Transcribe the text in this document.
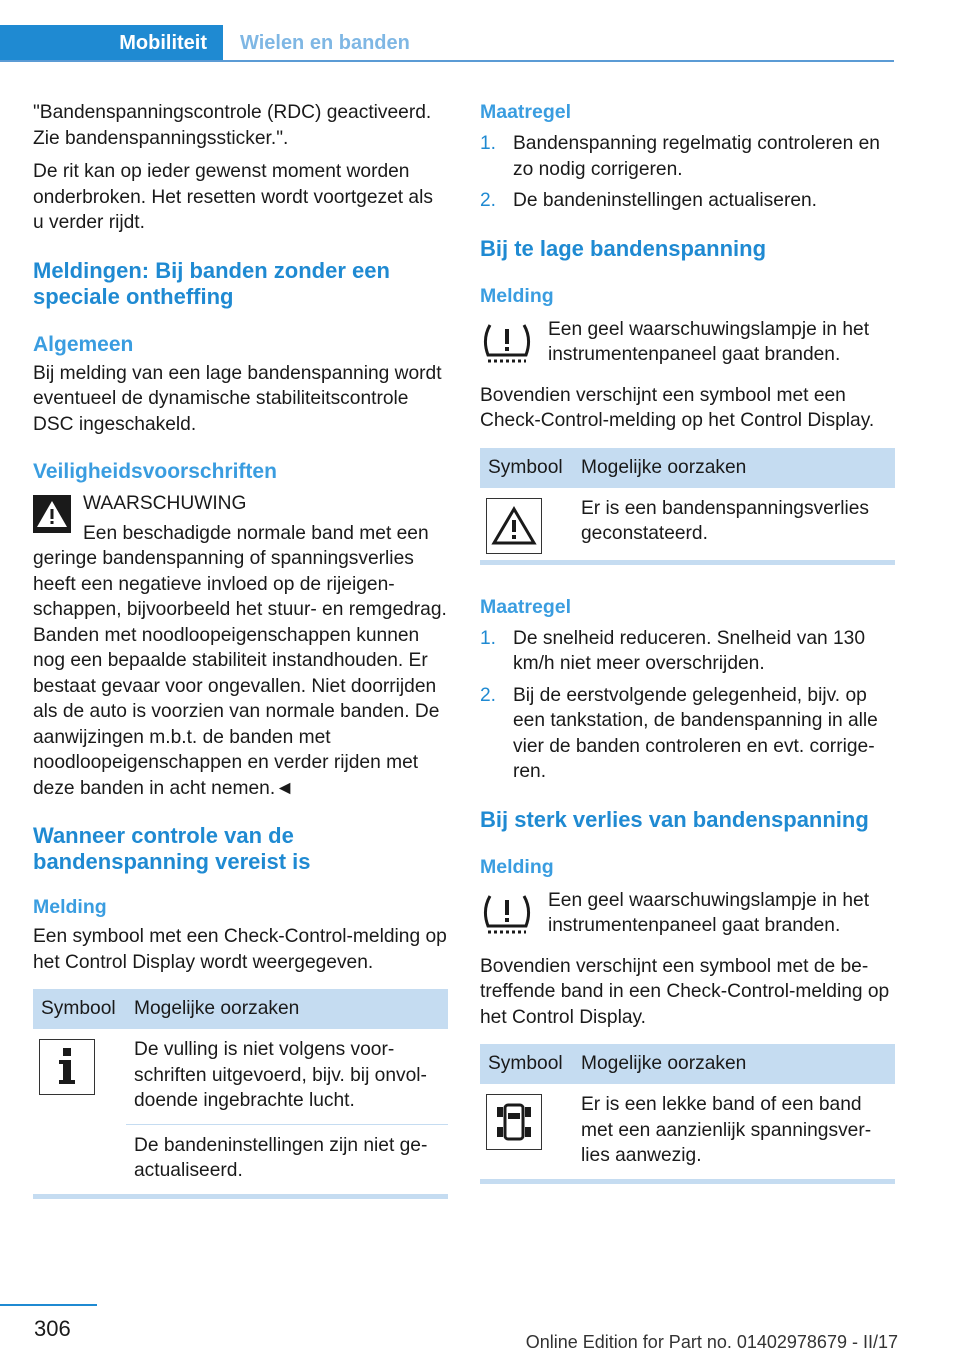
Mobiliteit	Wielen en banden

"Bandenspanningscontrole (RDC) geactiveerd. Zie bandenspanningssticker.".

De rit kan op ieder gewenst moment worden onderbroken. Het resetten wordt voortgezet als u verder rijdt.

Meldingen: Bij banden zonder een speciale ontheffing
Algemeen

Bij melding van een lage bandenspanning wordt eventueel de dynamische stabiliteitscontrole DSC ingeschakeld.

Veiligheidsvoorschriften

WAARSCHUWING

Een beschadigde normale band met een

geringe bandenspanning of spanningsverlies heeft een negatieve invloed op de rijeigenschappen, bijvoorbeeld het stuur- en remgedrag. Banden met noodloopeigenschappen kunnen nog een bepaalde stabiliteit instandhouden. Er bestaat gevaar voor ongevallen. Niet doorrijden als de auto is voorzien van normale banden. De aanwijzingen m.b.t. de banden met noodloopeigenschappen en verder rijden met deze banden in acht nemen.◄

Wanneer controle van de bandenspanning vereist is
Melding

Een symbool met een Check-Control-melding op het Control Display wordt weergegeven.

Symbool	Mogelijke oorzaken

	De vulling is niet volgens voorschriften uitgevoerd, bijv. bij onvoldoende ingebrachte lucht.
	De bandeninstellingen zijn niet geactualiseerd.
Maatregel
1. Bandenspanning regelmatig controleren en zo nodig corrigeren.
2. De bandeninstellingen actualiseren.
Bij te lage bandenspanning
Melding

Een geel waarschuwingslampje in het instrumentenpaneel gaat branden.

Bovendien verschijnt een symbool met een Check-Control-melding op het Control Display.

Symbool	Mogelijke oorzaken

	Er is een bandenspanningsverlies geconstateerd.
Maatregel
1. De snelheid reduceren. Snelheid van 130 km/h niet meer overschrijden.
2. Bij de eerstvolgende gelegenheid, bijv. op een tankstation, de bandenspanning in alle vier de banden controleren en evt. corrigeren.
Bij sterk verlies van bandenspanning
Melding

Een geel waarschuwingslampje in het instrumentenpaneel gaat branden.

Bovendien verschijnt een symbool met de betreffende band in een Check-Control-melding op het Control Display.

Symbool	Mogelijke oorzaken

	Er is een lekke band of een band met een aanzienlijk spanningsverlies aanwezig.
306
Online Edition for Part no. 01402978679 - II/17
